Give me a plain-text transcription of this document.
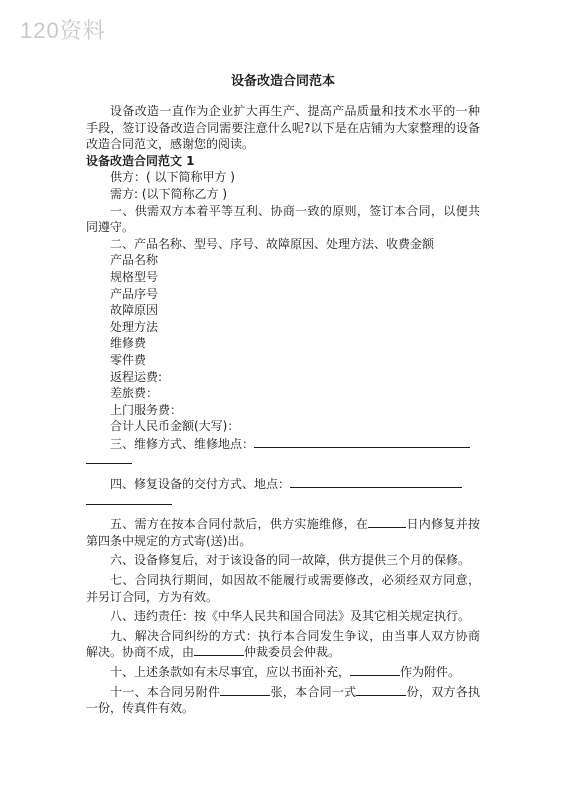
120资料
设备改造合同范本

设备改造一直作为企业扩大再生产、提高产品质量和技术水平的一种手段，签订设备改造合同需要注意什么呢?以下是在店铺为大家整理的设备改造合同范文，感谢您的阅读。

设备改造合同范文 1

供方：( 以下简称甲方 )

需方: (以下简称乙方 )

一、供需双方本着平等互利、协商一致的原则，签订本合同，以便共同遵守。

二、产品名称、型号、序号、故障原因、处理方法、收费金额

产品名称

规格型号

产品序号

故障原因

处理方法

维修费

零件费

返程运费:

差旅费：

上门服务费：

合计人民币金额(大写)：

三、维修方式、维修地点：

四、修复设备的交付方式、地点：

五、需方在按本合同付款后，供方实施维修，在	日内修复并按第四条中规定的方式寄(送)出。

六、设备修复后，对于该设备的同一故障，供方提供三个月的保修。

七、合同执行期间，如因故不能履行或需要修改，必须经双方同意，并另订合同，方为有效。

八、违约责任：按《中华人民共和国合同法》及其它相关规定执行。

九、解决合同纠纷的方式：执行本合同发生争议，由当事人双方协商解决。协商不成，由	仲裁委员会仲裁。

十、上述条款如有未尽事宜，应以书面补充，	作为附件。

十一、本合同另附件	张，本合同一式	份，双方各执一份，传真件有效。
